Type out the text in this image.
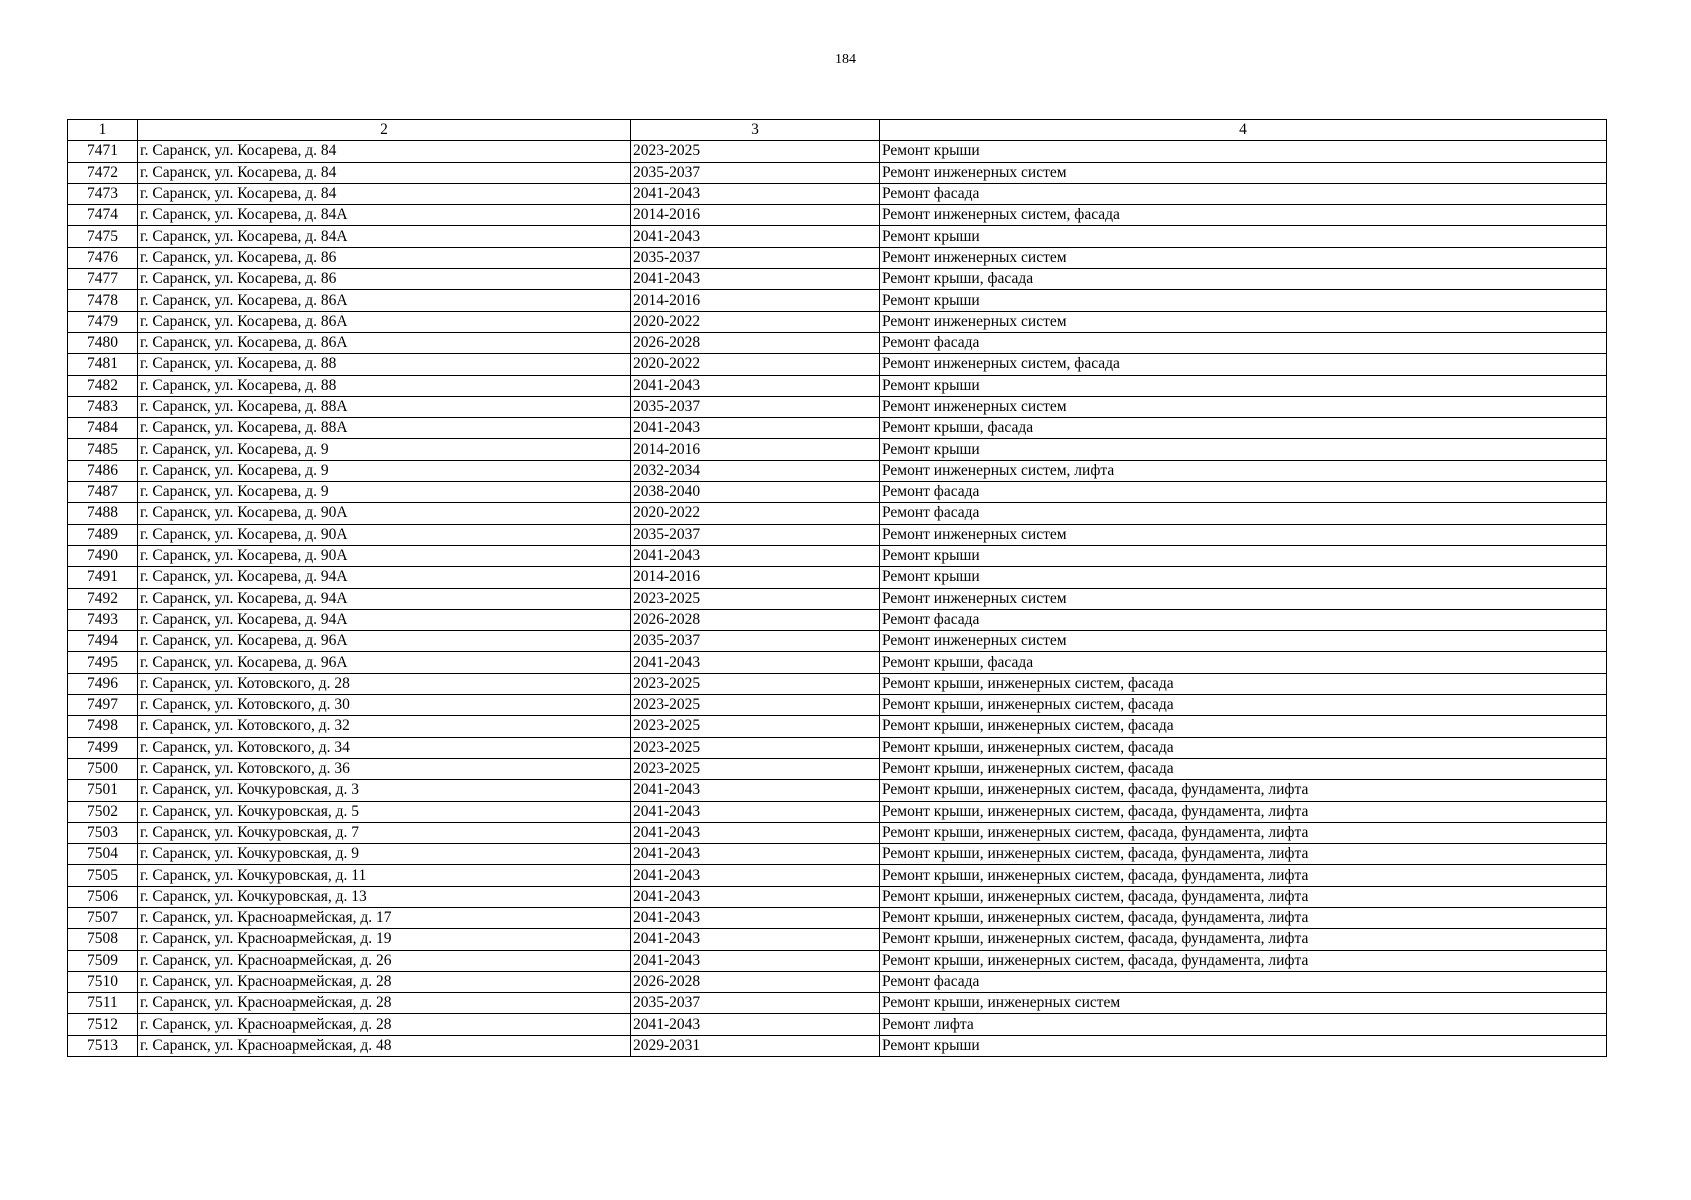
184
1	2	3	4
7471	г. Саранск, ул. Косарева, д. 84	2023-2025	Ремонт крыши
7472	г. Саранск, ул. Косарева, д. 84	2035-2037	Ремонт инженерных систем
7473	г. Саранск, ул. Косарева, д. 84	2041-2043	Ремонт фасада
7474	г. Саранск, ул. Косарева, д. 84А	2014-2016	Ремонт инженерных систем, фасада
7475	г. Саранск, ул. Косарева, д. 84А	2041-2043	Ремонт крыши
7476	г. Саранск, ул. Косарева, д. 86	2035-2037	Ремонт инженерных систем
7477	г. Саранск, ул. Косарева, д. 86	2041-2043	Ремонт крыши, фасада
7478	г. Саранск, ул. Косарева, д. 86А	2014-2016	Ремонт крыши
7479	г. Саранск, ул. Косарева, д. 86А	2020-2022	Ремонт инженерных систем
7480	г. Саранск, ул. Косарева, д. 86А	2026-2028	Ремонт фасада
7481	г. Саранск, ул. Косарева, д. 88	2020-2022	Ремонт инженерных систем, фасада
7482	г. Саранск, ул. Косарева, д. 88	2041-2043	Ремонт крыши
7483	г. Саранск, ул. Косарева, д. 88А	2035-2037	Ремонт инженерных систем
7484	г. Саранск, ул. Косарева, д. 88А	2041-2043	Ремонт крыши, фасада
7485	г. Саранск, ул. Косарева, д. 9	2014-2016	Ремонт крыши
7486	г. Саранск, ул. Косарева, д. 9	2032-2034	Ремонт инженерных систем, лифта
7487	г. Саранск, ул. Косарева, д. 9	2038-2040	Ремонт фасада
7488	г. Саранск, ул. Косарева, д. 90А	2020-2022	Ремонт фасада
7489	г. Саранск, ул. Косарева, д. 90А	2035-2037	Ремонт инженерных систем
7490	г. Саранск, ул. Косарева, д. 90А	2041-2043	Ремонт крыши
7491	г. Саранск, ул. Косарева, д. 94А	2014-2016	Ремонт крыши
7492	г. Саранск, ул. Косарева, д. 94А	2023-2025	Ремонт инженерных систем
7493	г. Саранск, ул. Косарева, д. 94А	2026-2028	Ремонт фасада
7494	г. Саранск, ул. Косарева, д. 96А	2035-2037	Ремонт инженерных систем
7495	г. Саранск, ул. Косарева, д. 96А	2041-2043	Ремонт крыши, фасада
7496	г. Саранск, ул. Котовского, д. 28	2023-2025	Ремонт крыши, инженерных систем, фасада
7497	г. Саранск, ул. Котовского, д. 30	2023-2025	Ремонт крыши, инженерных систем, фасада
7498	г. Саранск, ул. Котовского, д. 32	2023-2025	Ремонт крыши, инженерных систем, фасада
7499	г. Саранск, ул. Котовского, д. 34	2023-2025	Ремонт крыши, инженерных систем, фасада
7500	г. Саранск, ул. Котовского, д. 36	2023-2025	Ремонт крыши, инженерных систем, фасада
7501	г. Саранск, ул. Кочкуровская, д. 3	2041-2043	Ремонт крыши, инженерных систем, фасада, фундамента, лифта
7502	г. Саранск, ул. Кочкуровская, д. 5	2041-2043	Ремонт крыши, инженерных систем, фасада, фундамента, лифта
7503	г. Саранск, ул. Кочкуровская, д. 7	2041-2043	Ремонт крыши, инженерных систем, фасада, фундамента, лифта
7504	г. Саранск, ул. Кочкуровская, д. 9	2041-2043	Ремонт крыши, инженерных систем, фасада, фундамента, лифта
7505	г. Саранск, ул. Кочкуровская, д. 11	2041-2043	Ремонт крыши, инженерных систем, фасада, фундамента, лифта
7506	г. Саранск, ул. Кочкуровская, д. 13	2041-2043	Ремонт крыши, инженерных систем, фасада, фундамента, лифта
7507	г. Саранск, ул. Красноармейская, д. 17	2041-2043	Ремонт крыши, инженерных систем, фасада, фундамента, лифта
7508	г. Саранск, ул. Красноармейская, д. 19	2041-2043	Ремонт крыши, инженерных систем, фасада, фундамента, лифта
7509	г. Саранск, ул. Красноармейская, д. 26	2041-2043	Ремонт крыши, инженерных систем, фасада, фундамента, лифта
7510	г. Саранск, ул. Красноармейская, д. 28	2026-2028	Ремонт фасада
7511	г. Саранск, ул. Красноармейская, д. 28	2035-2037	Ремонт крыши, инженерных систем
7512	г. Саранск, ул. Красноармейская, д. 28	2041-2043	Ремонт лифта
7513	г. Саранск, ул. Красноармейская, д. 48	2029-2031	Ремонт крыши
